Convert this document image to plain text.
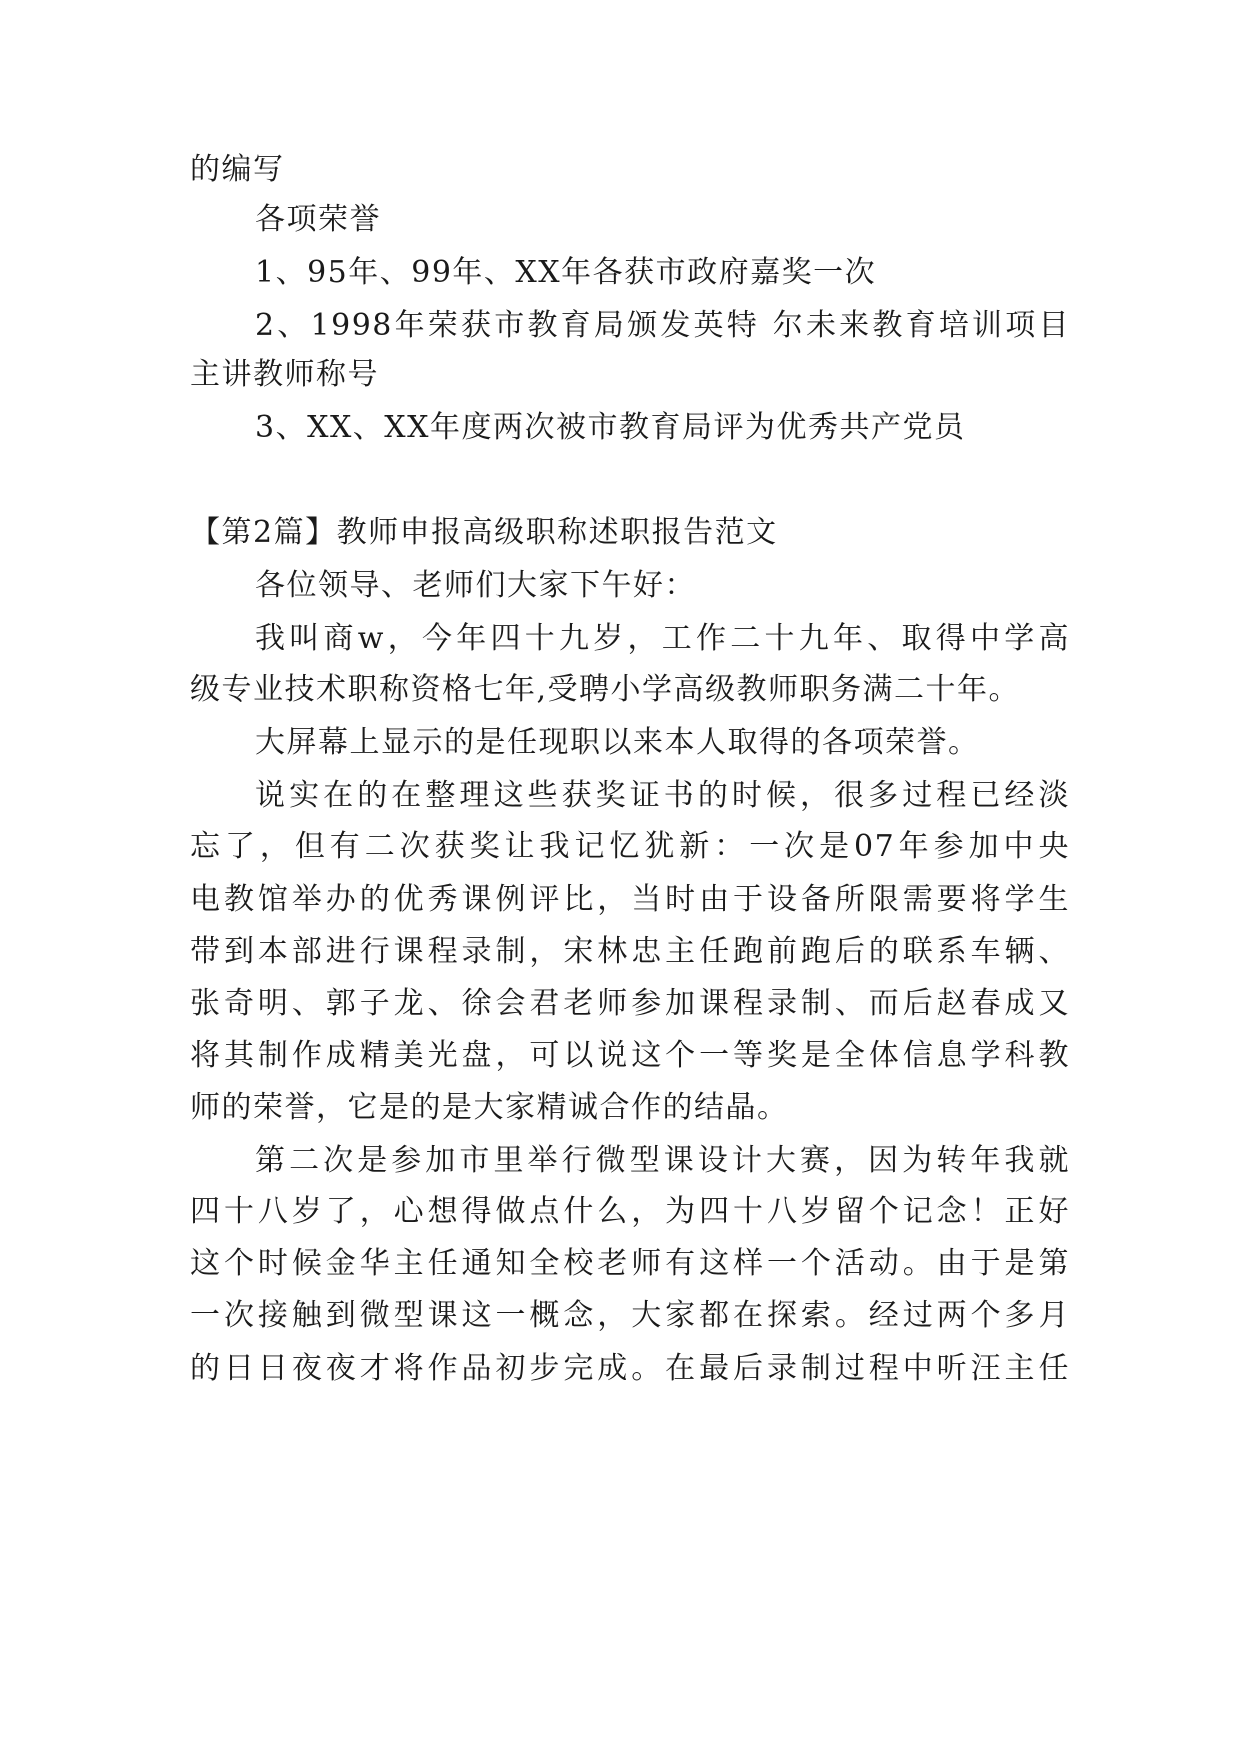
的编写
各项荣誉
1、95年、99年、XX年各获市政府嘉奖一次
2、1998年荣获市教育局颁发英特 尔未来教育培训项目
主讲教师称号
3、XX、XX年度两次被市教育局评为优秀共产党员
【第2篇】教师申报高级职称述职报告范文
各位领导、老师们大家下午好：
我叫商w，今年四十九岁，工作二十九年、取得中学高
级专业技术职称资格七年,受聘小学高级教师职务满二十年。
大屏幕上显示的是任现职以来本人取得的各项荣誉。
说实在的在整理这些获奖证书的时候，很多过程已经淡
忘了，但有二次获奖让我记忆犹新：一次是07年参加中央
电教馆举办的优秀课例评比，当时由于设备所限需要将学生
带到本部进行课程录制，宋林忠主任跑前跑后的联系车辆、
张奇明、郭子龙、徐会君老师参加课程录制、而后赵春成又
将其制作成精美光盘，可以说这个一等奖是全体信息学科教
师的荣誉，它是的是大家精诚合作的结晶。
第二次是参加市里举行微型课设计大赛，因为转年我就
四十八岁了，心想得做点什么，为四十八岁留个记念！正好
这个时候金华主任通知全校老师有这样一个活动。由于是第
一次接触到微型课这一概念，大家都在探索。经过两个多月
的日日夜夜才将作品初步完成。在最后录制过程中听汪主任
